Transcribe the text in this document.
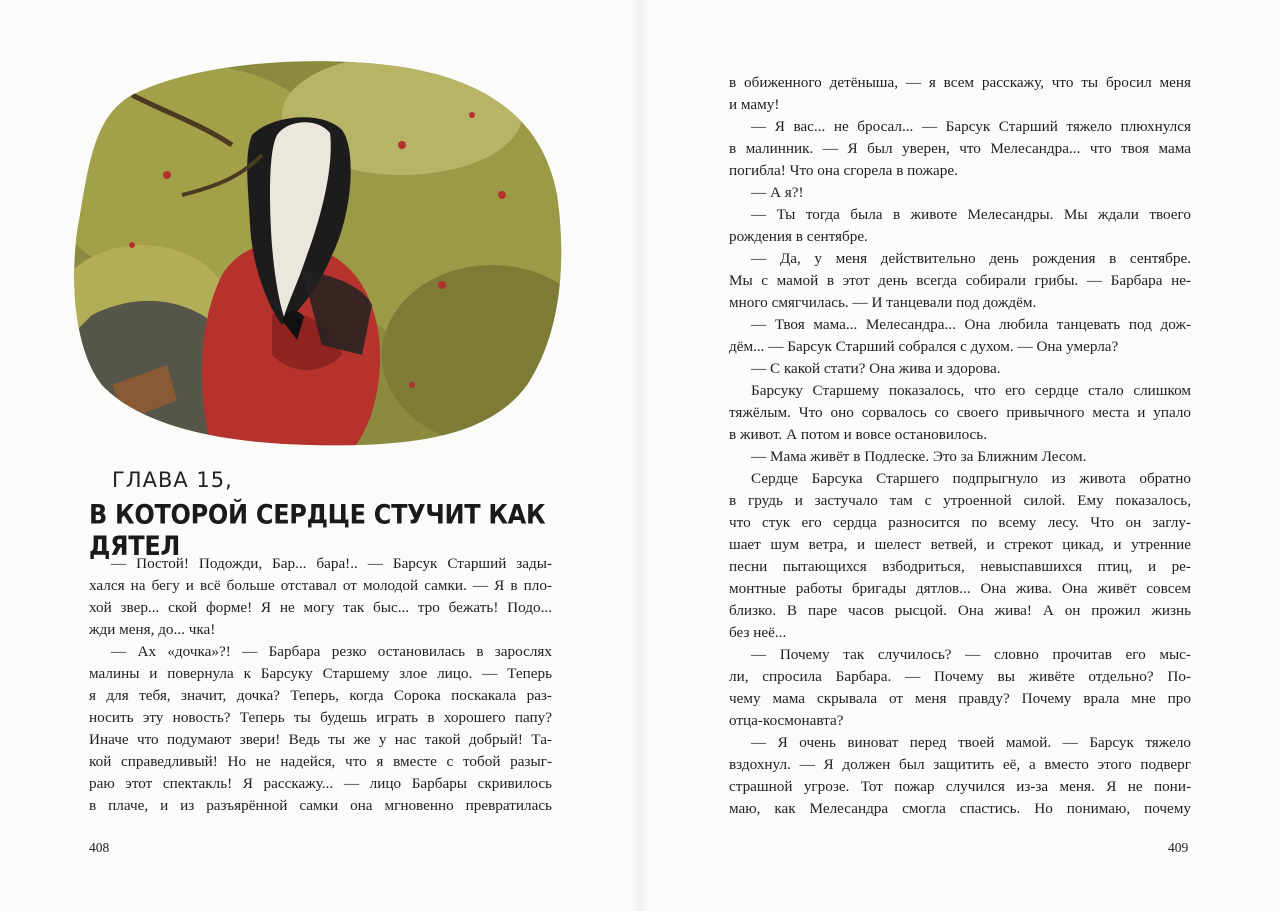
ГЛАВА 15,
В КОТОРОЙ СЕРДЦЕ СТУЧИТ КАК ДЯТЕЛ
— Постой! Подожди, Бар... бара!.. — Барсук Старший зады-
хался на бегу и всё больше отставал от молодой самки. — Я в пло-
хой звер... ской форме! Я не могу так быс... тро бежать! Подо...
жди меня, до... чка!
— Ах «дочка»?! — Барбара резко остановилась в зарослях
малины и повернула к Барсуку Старшему злое лицо. — Теперь
я для тебя, значит, дочка? Теперь, когда Сорока поскакала раз-
носить эту новость? Теперь ты будешь играть в хорошего папу?
Иначе что подумают звери! Ведь ты же у нас такой добрый! Та-
кой справедливый! Но не надейся, что я вместе с тобой разыг-
раю этот спектакль! Я расскажу... — лицо Барбары скривилось
в плаче, и из разъярённой самки она мгновенно превратилась
408
в обиженного детёныша, — я всем расскажу, что ты бросил меня
и маму!
— Я вас... не бросал... — Барсук Старший тяжело плюхнулся
в малинник. — Я был уверен, что Мелесандра... что твоя мама
погибла! Что она сгорела в пожаре.
— А я?!
— Ты тогда была в животе Мелесандры. Мы ждали твоего
рождения в сентябре.
— Да, у меня действительно день рождения в сентябре.
Мы с мамой в этот день всегда собирали грибы. — Барбара не-
много смягчилась. — И танцевали под дождём.
— Твоя мама... Мелесандра... Она любила танцевать под дож-
дём... — Барсук Старший собрался с духом. — Она умерла?
— С какой стати? Она жива и здорова.
Барсуку Старшему показалось, что его сердце стало слишком
тяжёлым. Что оно сорвалось со своего привычного места и упало
в живот. А потом и вовсе остановилось.
— Мама живёт в Подлеске. Это за Ближним Лесом.
Сердце Барсука Старшего подпрыгнуло из живота обратно
в грудь и застучало там с утроенной силой. Ему показалось,
что стук его сердца разносится по всему лесу. Что он заглу-
шает шум ветра, и шелест ветвей, и стрекот цикад, и утренние
песни пытающихся взбодриться, невыспавшихся птиц, и ре-
монтные работы бригады дятлов... Она жива. Она живёт совсем
близко. В паре часов рысцой. Она жива! А он прожил жизнь
без неё...
— Почему так случилось? — словно прочитав его мыс-
ли, спросила Барбара. — Почему вы живёте отдельно? По-
чему мама скрывала от меня правду? Почему врала мне про
отца-космонавта?
— Я очень виноват перед твоей мамой. — Барсук тяжело
вздохнул. — Я должен был защитить её, а вместо этого подверг
страшной угрозе. Тот пожар случился из-за меня. Я не пони-
маю, как Мелесандра смогла спастись. Но понимаю, почему
409
